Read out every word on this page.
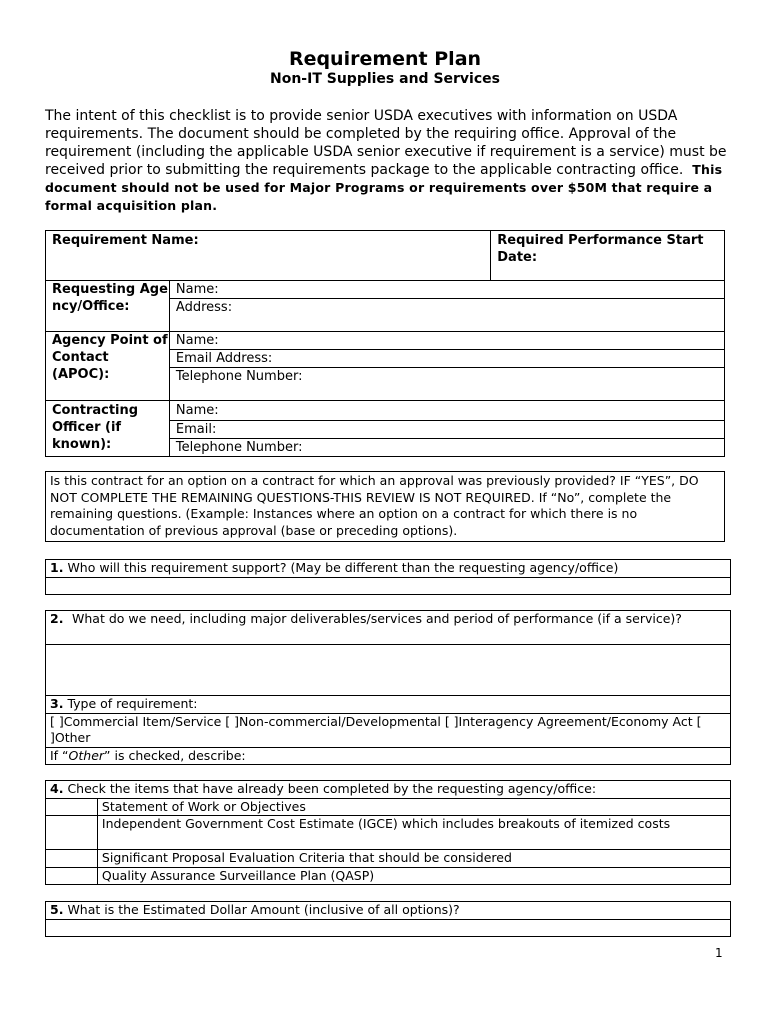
Requirement Plan
Non-IT Supplies and Services
The intent of this checklist is to provide senior USDA executives with information on USDA requirements. The document should be completed by the requiring office. Approval of the requirement (including the applicable USDA senior executive if requirement is a service) must be received prior to submitting the requirements package to the applicable contracting office. This document should not be used for Major Programs or requirements over $50M that require a formal acquisition plan.
Requirement Name:		Required Performance Start Date:
Requesting Agency/Office:	Name:	
	Address:	
Agency Point of Contact (APOC):	Name:	
	Email Address:	
	Telephone Number:	
Contracting Officer (if known):	Name:	
	Email:	
	Telephone Number:	
Is this contract for an option on a contract for which an approval was previously provided? IF “YES”, DO NOT COMPLETE THE REMAINING QUESTIONS-THIS REVIEW IS NOT REQUIRED. If “No”, complete the remaining questions. (Example: Instances where an option on a contract for which there is no documentation of previous approval (base or preceding options).
1. Who will this requirement support? (May be different than the requesting agency/office)

2. What do we need, including major deliverables/services and period of performance (if a service)?

3. Type of requirement:
[ ]Commercial Item/Service [ ]Non-commercial/Developmental [ ]Interagency Agreement/Economy Act [ ]Other
If “Other” is checked, describe:
4. Check the items that have already been completed by the requesting agency/office:	
	Statement of Work or Objectives
	Independent Government Cost Estimate (IGCE) which includes breakouts of itemized costs
	Significant Proposal Evaluation Criteria that should be considered
	Quality Assurance Surveillance Plan (QASP)
5. What is the Estimated Dollar Amount (inclusive of all options)?

1
